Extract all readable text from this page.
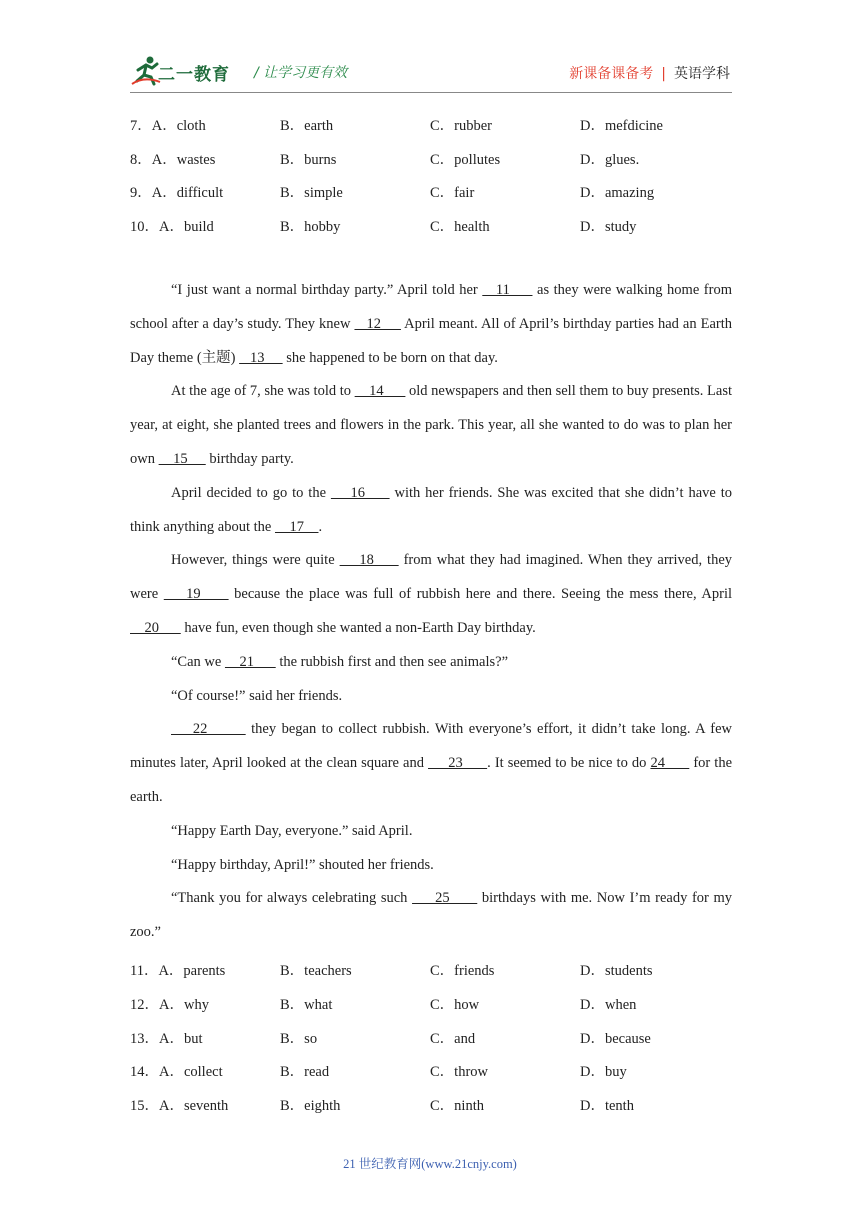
二一教育 / 让学习更有效	新课备课备考 | 英语学科
7．A．cloth	B．earth	C．rubber	D．mefdicine
8．A．wastes	B．burns	C．pollutes	D．glues.
9．A．difficult	B．simple	C．fair	D．amazing
10．A．build	B．hobby	C．health	D．study
“I just want a normal birthday party.” April told her    11      as they were walking home from school after a day’s study. They knew    12      April meant. All of April’s birthday parties had an Earth Day theme (主题)    13      she happened to be born on that day.
At the age of 7, she was told to     14       old newspapers and then sell them to buy presents. Last year, at eight, she planted trees and flowers in the park. This year, all she wanted to do was to plan her own     15      birthday party.
April decided to go to the     16      with her friends. She was excited that she didn’t have to think anything about the     17    .
However, things were quite     18      from what they had imagined. When they arrived, they were     19      because the place was full of rubbish here and there. Seeing the mess there, April     20       have fun, even though she wanted a non-Earth Day birthday.
“Can we     21       the rubbish first and then see animals?”
“Of course!” said her friends.
22        they began to collect rubbish. With everyone’s effort, it didn’t take long. A few minutes later, April looked at the clean square and      23      . It seemed to be nice to do 24       for the earth.
“Happy Earth Day, everyone.” said April.
“Happy birthday, April!” shouted her friends.
“Thank you for always celebrating such      25       birthdays with me. Now I’m ready for my zoo.”
11．A．parents	B．teachers	C．friends	D．students
12．A．why	B．what	C．how	D．when
13．A．but	B．so	C．and	D．because
14．A．collect	B．read	C．throw	D．buy
15．A．seventh	B．eighth	C．ninth	D．tenth
21 世纪教育网(www.21cnjy.com)
